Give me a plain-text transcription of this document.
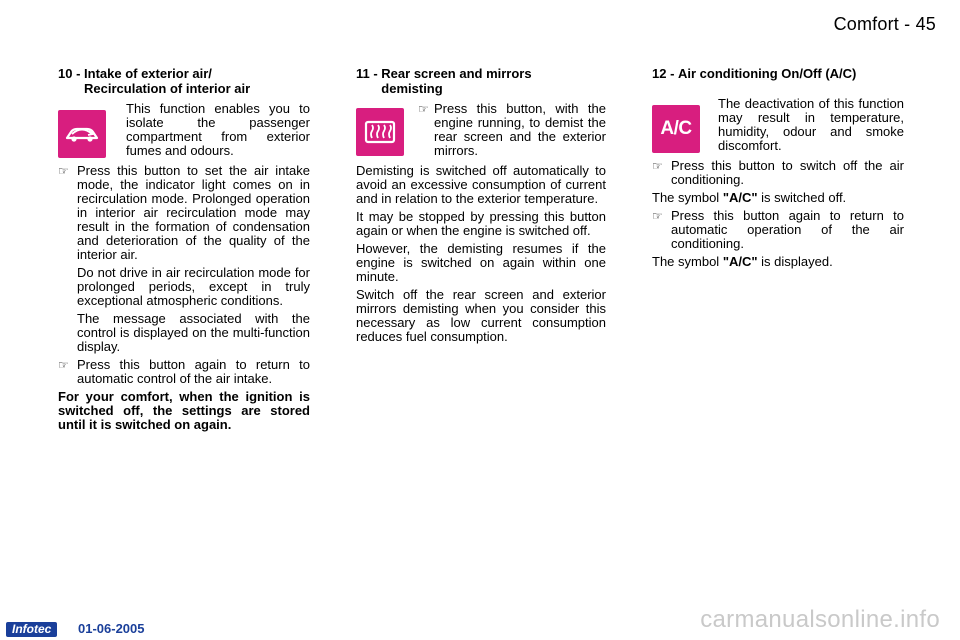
Comfort - 45
10 - Intake of exterior air/
Recirculation of interior air
This function enables you to isolate the passenger compartment from exterior fumes and odours.
☞ Press this button to set the air intake mode, the indicator light comes on in recirculation mode. Prolonged operation in interior air recirculation mode may result in the formation of condensation and deterioration of the quality of the interior air.
Do not drive in air recirculation mode for prolonged periods, except in truly exceptional atmospheric conditions.
The message associated with the control is displayed on the multi-function display.
☞ Press this button again to return to automatic control of the air intake.

For your comfort, when the ignition is switched off, the settings are stored until it is switched on again.

11 - Rear screen and mirrors
demisting
☞ Press this button, with the engine running, to demist the rear screen and the exterior mirrors.

Demisting is switched off automatically to avoid an excessive consumption of current and in relation to the exterior temperature.

It may be stopped by pressing this button again or when the engine is switched off.

However, the demisting resumes if the engine is switched on again within one minute.

Switch off the rear screen and exterior mirrors demisting when you consider this necessary as low current consumption reduces fuel consumption.

12 - Air conditioning On/Off (A/C)
A/C
The deactivation of this function may result in temperature, humidity, odour and smoke discomfort.
☞ Press this button to switch off the air conditioning.

The symbol "A/C" is switched off.

☞ Press this button again to return to automatic operation of the air conditioning.

The symbol "A/C" is displayed.

Infotec	01-06-2005	carmanualsonline.info
